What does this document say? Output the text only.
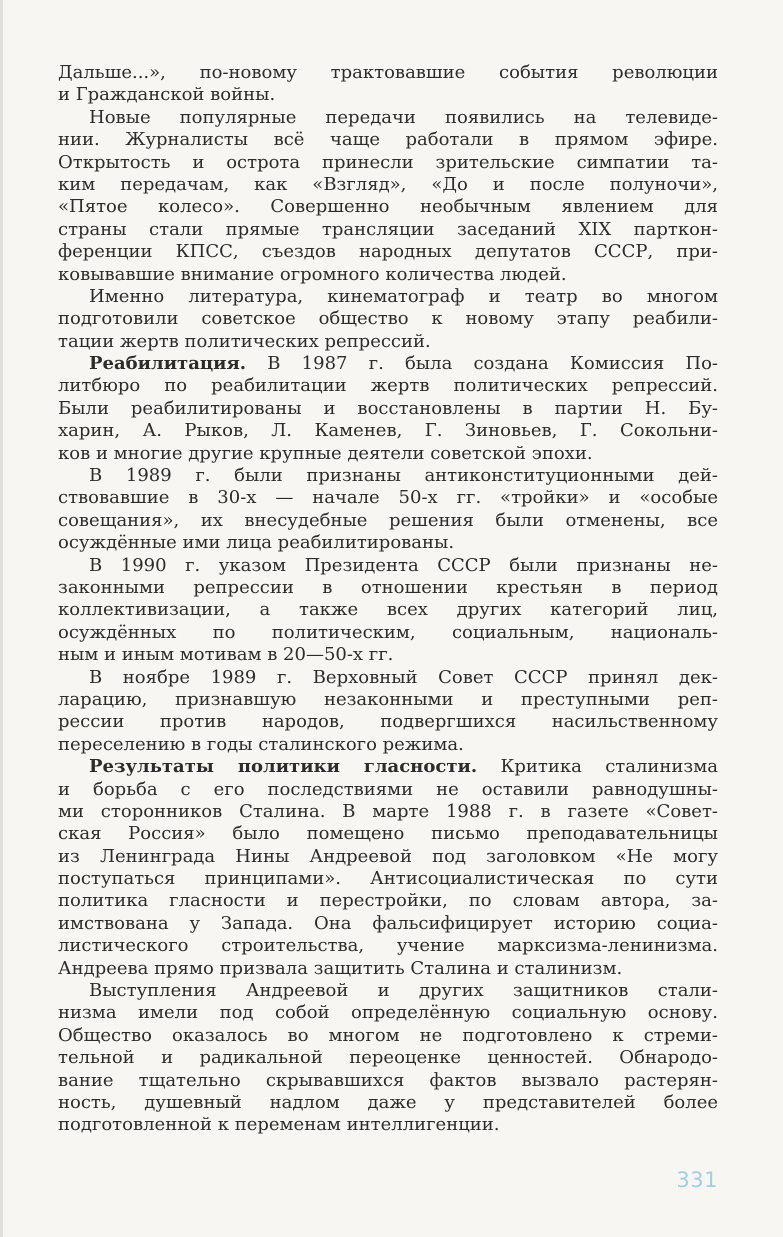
Дальше...», по-новому трактовавшие события революции
и Гражданской войны.
Новые популярные передачи появились на телевиде-
нии. Журналисты всё чаще работали в прямом эфире.
Открытость и острота принесли зрительские симпатии та-
ким передачам, как «Взгляд», «До и после полуночи»,
«Пятое колесо». Совершенно необычным явлением для
страны стали прямые трансляции заседаний XIX парткон-
ференции КПСС, съездов народных депутатов СССР, при-
ковывавшие внимание огромного количества людей.
Именно литература, кинематограф и театр во многом
подготовили советское общество к новому этапу реабили-
тации жертв политических репрессий.
Реабилитация. В 1987 г. была создана Комиссия По-
литбюро по реабилитации жертв политических репрессий.
Были реабилитированы и восстановлены в партии Н. Бу-
харин, А. Рыков, Л. Каменев, Г. Зиновьев, Г. Сокольни-
ков и многие другие крупные деятели советской эпохи.
В 1989 г. были признаны антиконституционными дей-
ствовавшие в 30-х — начале 50-х гг. «тройки» и «особые
совещания», их внесудебные решения были отменены, все
осуждённые ими лица реабилитированы.
В 1990 г. указом Президента СССР были признаны не-
законными репрессии в отношении крестьян в период
коллективизации, а также всех других категорий лиц,
осуждённых по политическим, социальным, националь-
ным и иным мотивам в 20—50-х гг.
В ноябре 1989 г. Верховный Совет СССР принял дек-
ларацию, признавшую незаконными и преступными реп-
рессии против народов, подвергшихся насильственному
переселению в годы сталинского режима.
Результаты политики гласности. Критика сталинизма
и борьба с его последствиями не оставили равнодушны-
ми сторонников Сталина. В марте 1988 г. в газете «Совет-
ская Россия» было помещено письмо преподавательницы
из Ленинграда Нины Андреевой под заголовком «Не могу
поступаться принципами». Антисоциалистическая по сути
политика гласности и перестройки, по словам автора, за-
имствована у Запада. Она фальсифицирует историю социа-
листического строительства, учение марксизма-ленинизма.
Андреева прямо призвала защитить Сталина и сталинизм.
Выступления Андреевой и других защитников стали-
низма имели под собой определённую социальную основу.
Общество оказалось во многом не подготовлено к стреми-
тельной и радикальной переоценке ценностей. Обнародо-
вание тщательно скрывавшихся фактов вызвало растерян-
ность, душевный надлом даже у представителей более
подготовленной к переменам интеллигенции.
331
